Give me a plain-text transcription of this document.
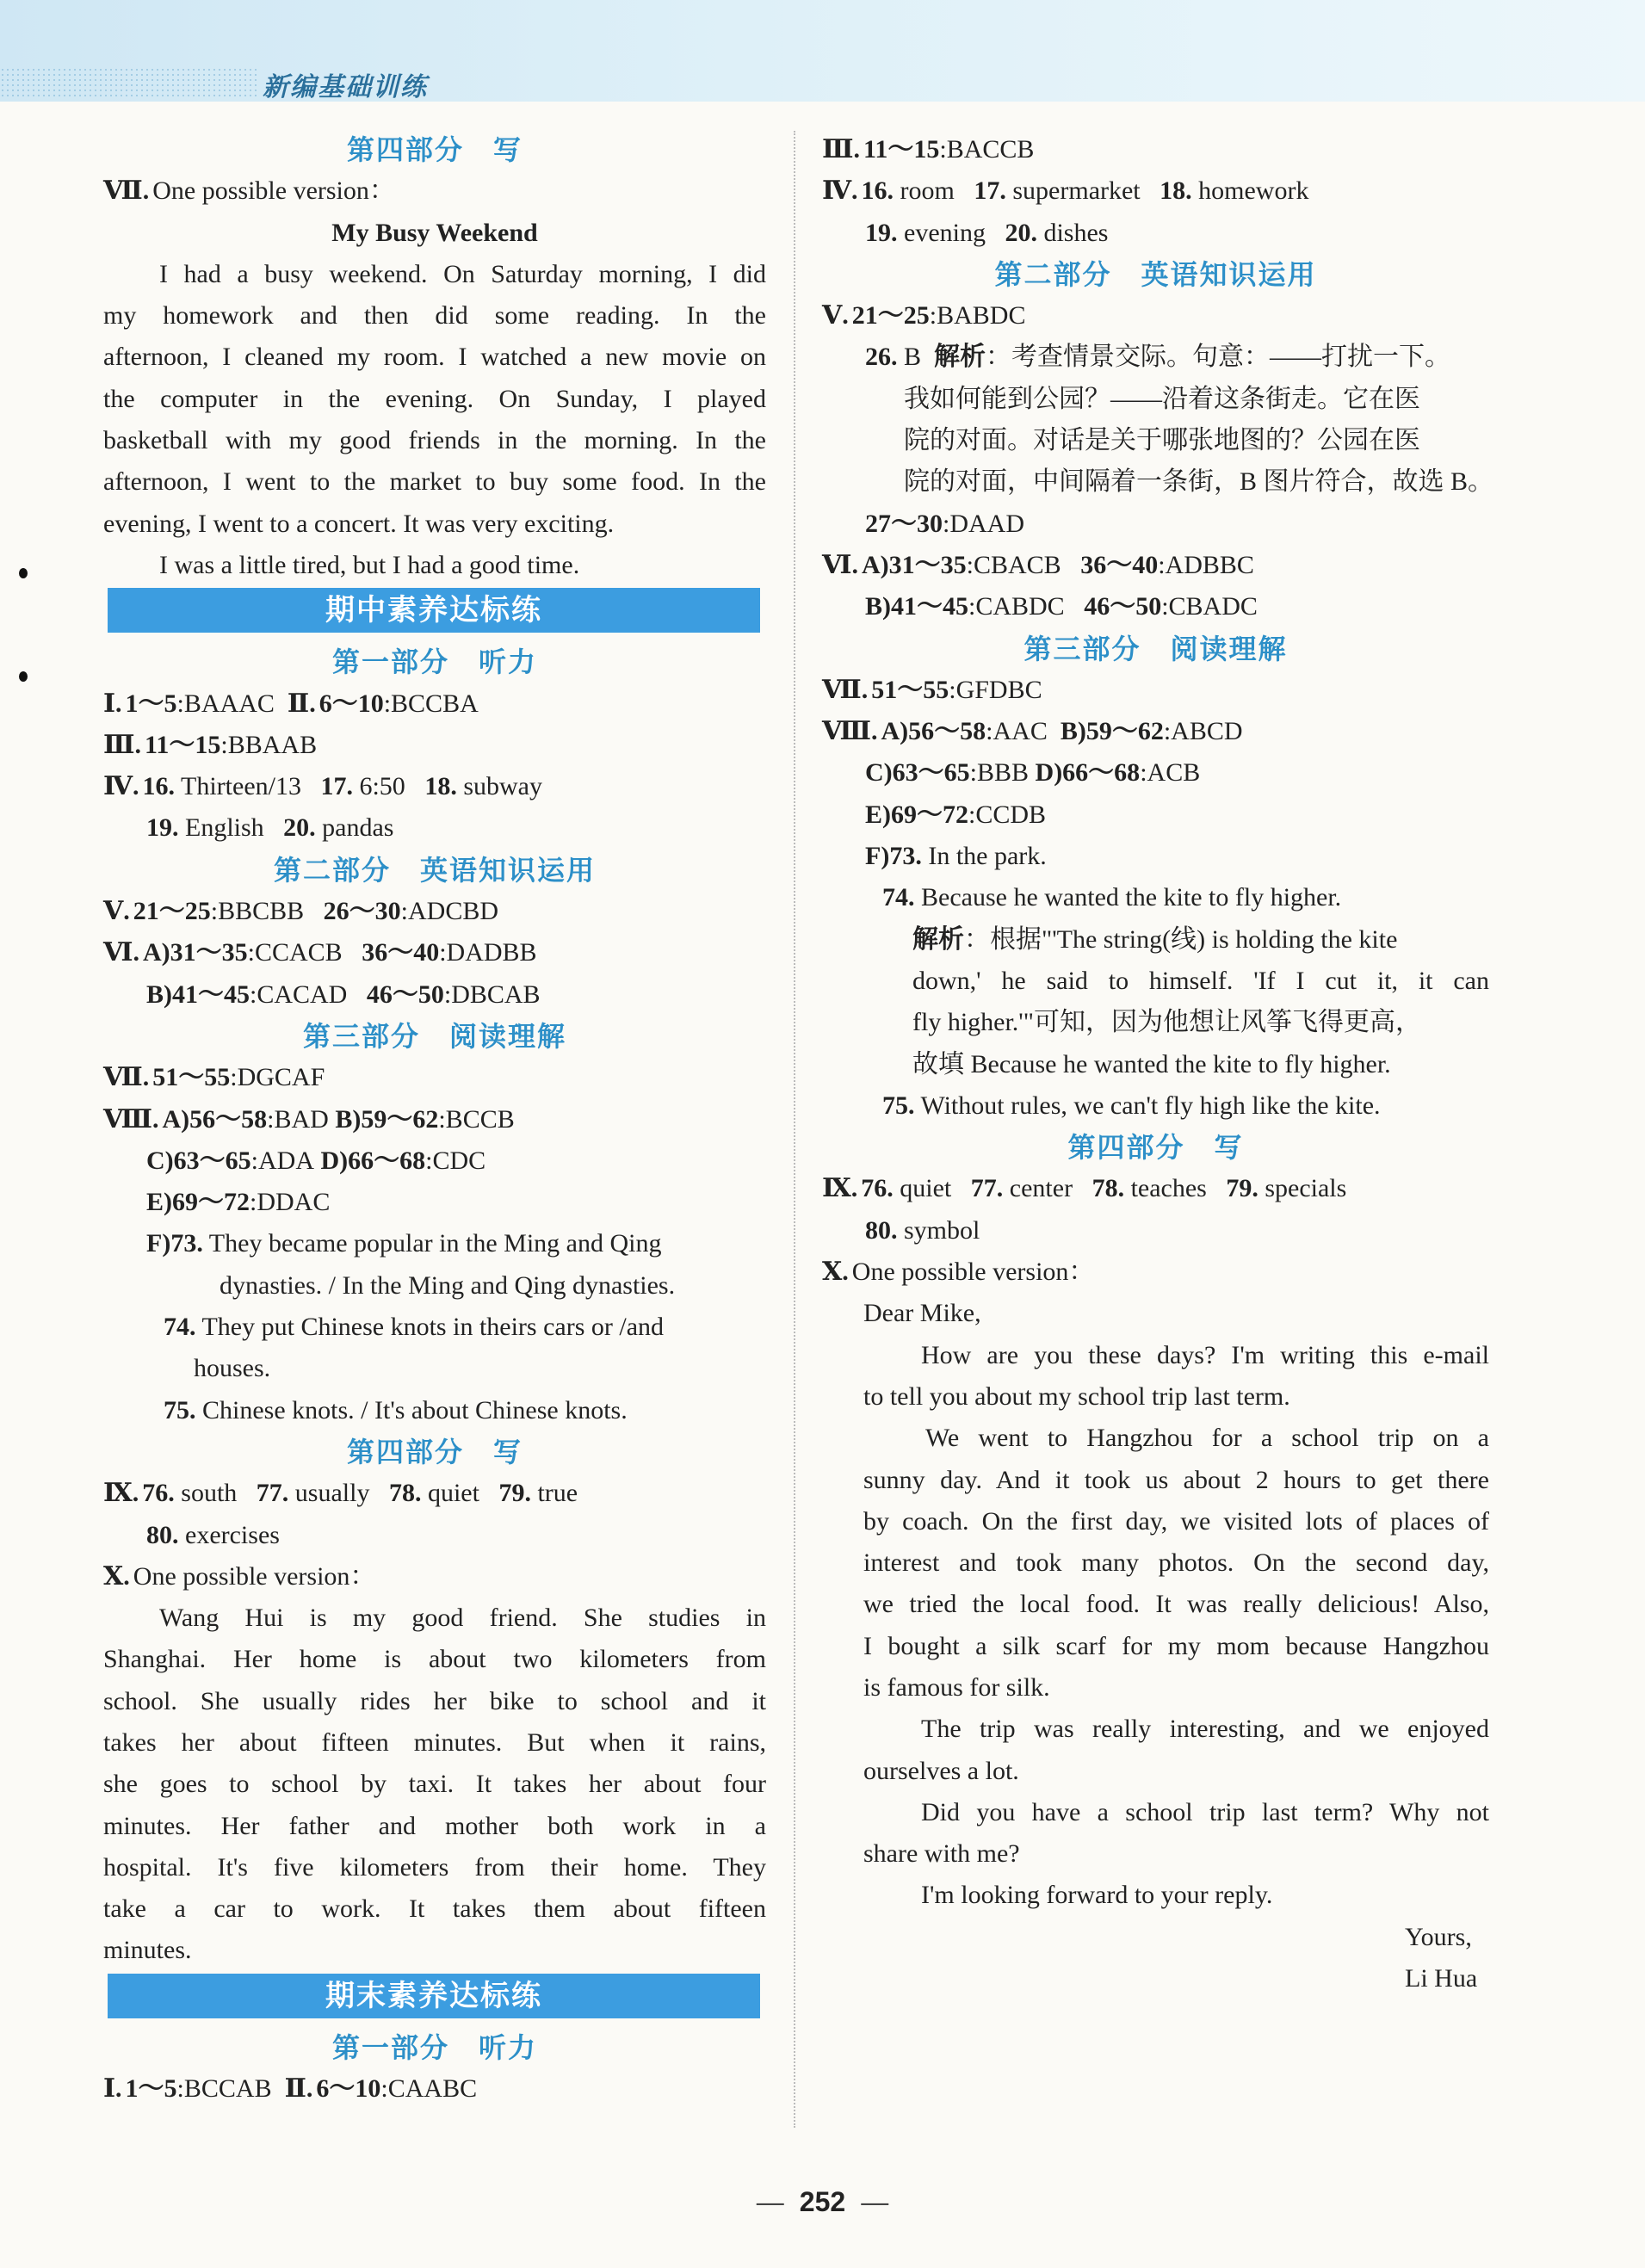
新编基础训练
第四部分　写
Ⅶ. One possible version：
My Busy Weekend
I had a busy weekend. On Saturday morning, I did
my homework and then did some reading. In the
afternoon, I cleaned my room. I watched a new movie on
the computer in the evening. On Sunday, I played
basketball with my good friends in the morning. In the
afternoon, I went to the market to buy some food. In the
evening, I went to a concert. It was very exciting.
I was a little tired, but I had a good time.
期中素养达标练
第一部分　听力
Ⅰ. 1～5:BAAAC Ⅱ. 6～10:BCCBA
Ⅲ. 11～15:BBAAB
Ⅳ. 16. Thirteen/13 17. 6:50 18. subway
19. English 20. pandas
第二部分　英语知识运用
Ⅴ. 21～25:BBCBB 26～30:ADCBD
Ⅵ. A)31～35:CCACB 36～40:DADBB
B)41～45:CACAD 46～50:DBCAB
第三部分　阅读理解
Ⅶ. 51～55:DGCAF
Ⅷ. A)56～58:BAD B)59～62:BCCB
C)63～65:ADA D)66～68:CDC
E)69～72:DDAC
F)73. They became popular in the Ming and Qing
dynasties. / In the Ming and Qing dynasties.
74. They put Chinese knots in theirs cars or /and
houses.
75. Chinese knots. / It's about Chinese knots.
第四部分　写
Ⅸ. 76. south 77. usually 78. quiet 79. true
80. exercises
Ⅹ. One possible version：
Wang Hui is my good friend. She studies in
Shanghai. Her home is about two kilometers from
school. She usually rides her bike to school and it
takes her about fifteen minutes. But when it rains,
she goes to school by taxi. It takes her about four
minutes. Her father and mother both work in a
hospital. It's five kilometers from their home. They
take a car to work. It takes them about fifteen
minutes.
期末素养达标练
第一部分　听力
Ⅰ. 1～5:BCCAB Ⅱ. 6～10:CAABC
Ⅲ. 11～15:BACCB
Ⅳ. 16. room 17. supermarket 18. homework
19. evening 20. dishes
第二部分　英语知识运用
Ⅴ. 21～25:BABDC
26. B 解析：考查情景交际。句意：——打扰一下。
我如何能到公园？——沿着这条街走。它在医
院的对面。对话是关于哪张地图的？公园在医
院的对面，中间隔着一条街，B 图片符合，故选 B。
27～30:DAAD
Ⅵ. A)31～35:CBACB 36～40:ADBBC
B)41～45:CABDC 46～50:CBADC
第三部分　阅读理解
Ⅶ. 51～55:GFDBC
Ⅷ. A)56～58:AAC B)59～62:ABCD
C)63～65:BBB D)66～68:ACB
E)69～72:CCDB
F)73. In the park.
74. Because he wanted the kite to fly higher.
解析：根据"'The string(线) is holding the kite
down,' he said to himself. 'If I cut it, it can
fly higher.'"可知，因为他想让风筝飞得更高，
故填 Because he wanted the kite to fly higher.
75. Without rules, we can't fly high like the kite.
第四部分　写
Ⅸ. 76. quiet 77. center 78. teaches 79. specials
80. symbol
Ⅹ. One possible version：
Dear Mike,
How are you these days? I'm writing this e-mail
to tell you about my school trip last term.
We went to Hangzhou for a school trip on a
sunny day. And it took us about 2 hours to get there
by coach. On the first day, we visited lots of places of
interest and took many photos. On the second day,
we tried the local food. It was really delicious! Also,
I bought a silk scarf for my mom because Hangzhou
is famous for silk.
The trip was really interesting, and we enjoyed
ourselves a lot.
Did you have a school trip last term? Why not
share with me?
I'm looking forward to your reply.
Yours,
Li Hua
— 252 —
